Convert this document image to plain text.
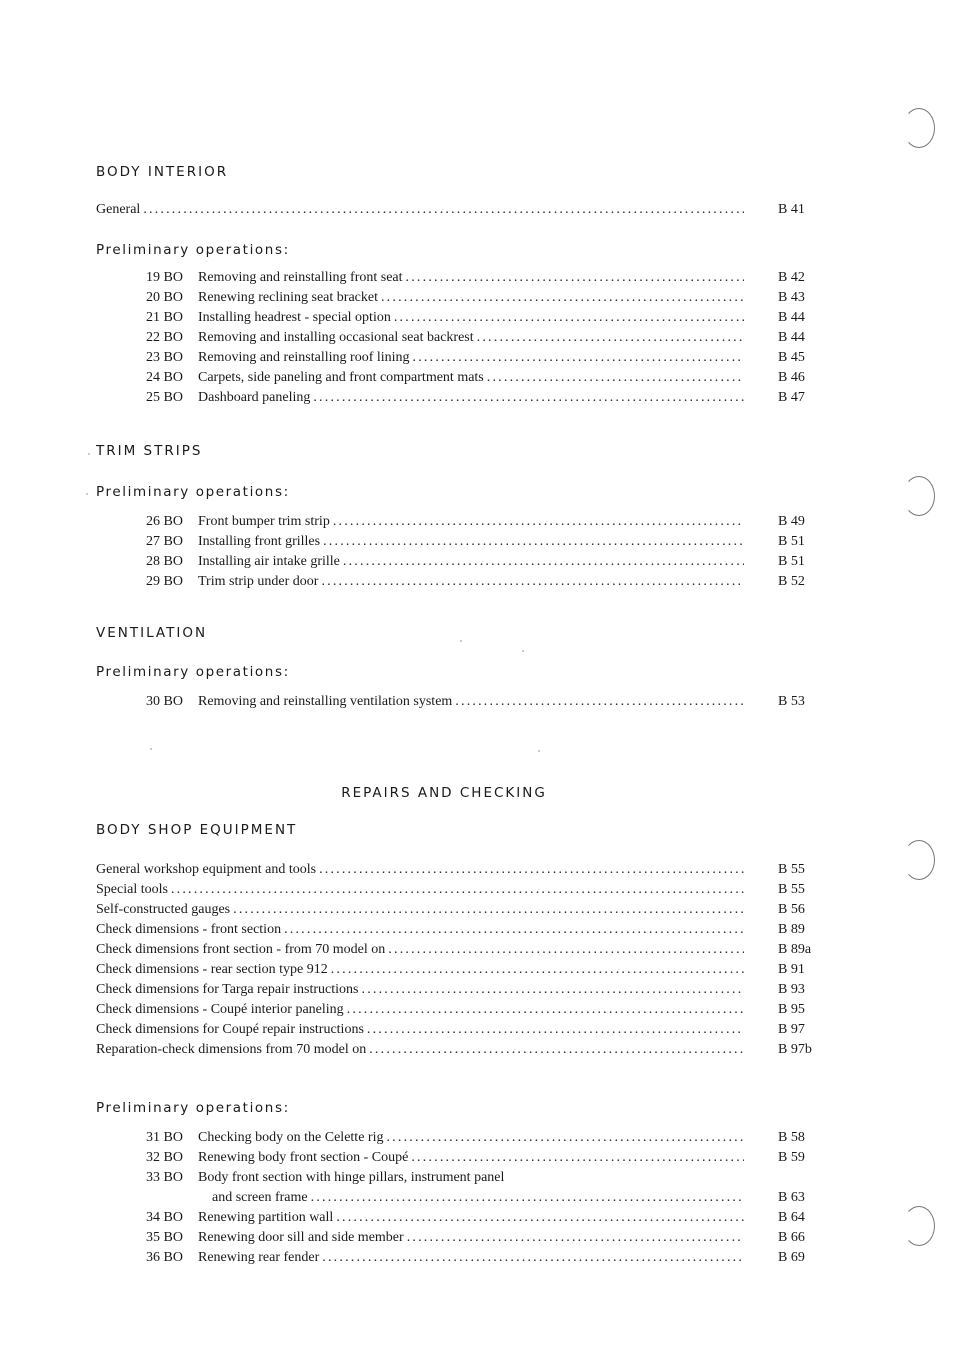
BODY INTERIOR
General .....	B 41
Preliminary operations:
19 BO	Removing and reinstalling front seat .....	B 42
20 BO	Renewing reclining seat bracket .....	B 43
21 BO	Installing headrest - special option .....	B 44
22 BO	Removing and installing occasional seat backrest .....	B 44
23 BO	Removing and reinstalling roof lining .....	B 45
24 BO	Carpets, side paneling and front compartment mats .....	B 46
25 BO	Dashboard paneling .....	B 47
TRIM STRIPS
Preliminary operations:
26 BO	Front bumper trim strip .....	B 49
27 BO	Installing front grilles .....	B 51
28 BO	Installing air intake grille .....	B 51
29 BO	Trim strip under door .....	B 52
VENTILATION
Preliminary operations:
30 BO	Removing and reinstalling ventilation system .....	B 53
REPAIRS AND CHECKING
BODY SHOP EQUIPMENT
General workshop equipment and tools .....	B 55
Special tools .....	B 55
Self-constructed gauges .....	B 56
Check dimensions - front section .....	B 89
Check dimensions front section - from 70 model on .....	B 89a
Check dimensions - rear section type 912 .....	B 91
Check dimensions for Targa repair instructions .....	B 93
Check dimensions - Coupé interior paneling .....	B 95
Check dimensions for Coupé repair instructions .....	B 97
Reparation-check dimensions from 70 model on .....	B 97b
Preliminary operations:
31 BO	Checking body on the Celette rig .....	B 58
32 BO	Renewing body front section - Coupé .....	B 59
33 BO	Body front section with hinge pillars, instrument panel
and screen frame .....	B 63
34 BO	Renewing partition wall .....	B 64
35 BO	Renewing door sill and side member .....	B 66
36 BO	Renewing rear fender .....	B 69
